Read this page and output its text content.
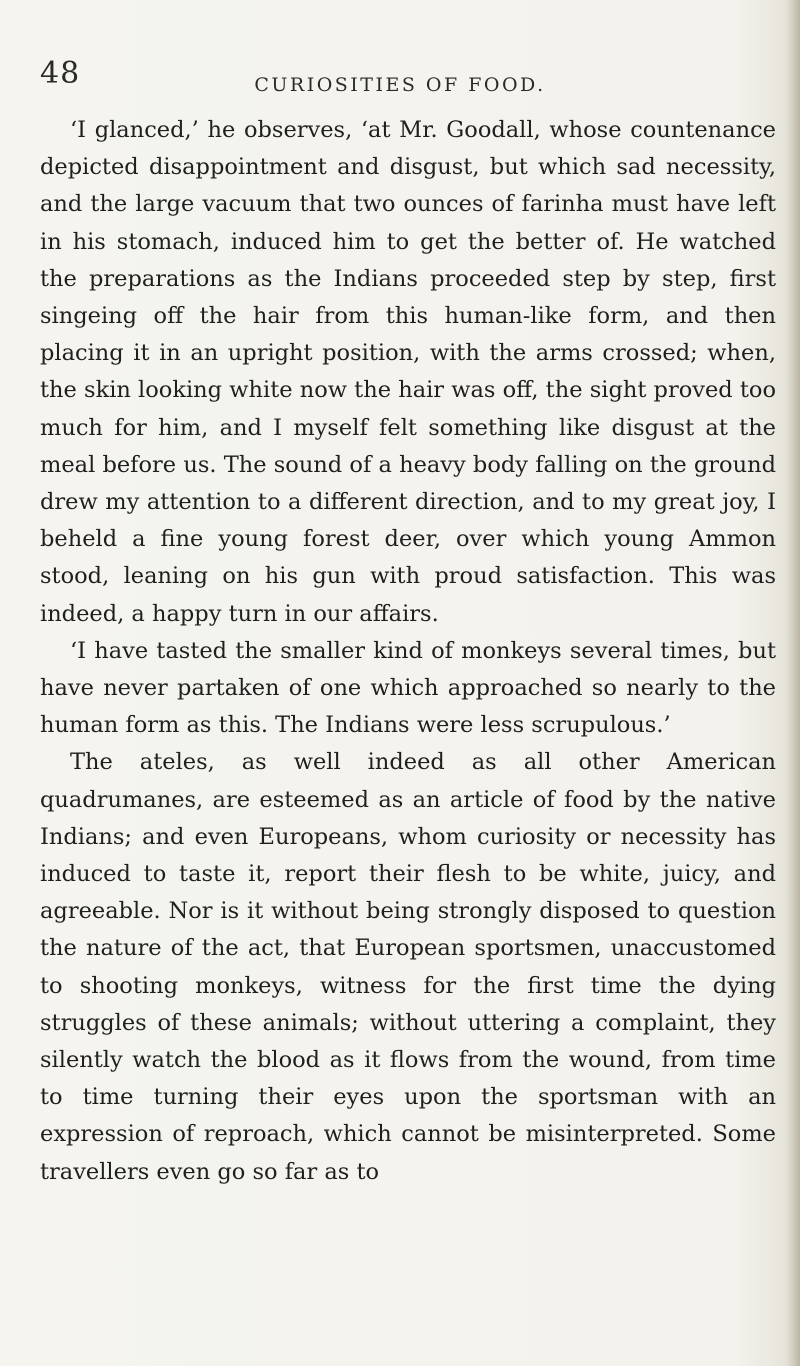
48	CURIOSITIES OF FOOD.

‘I glanced,’ he observes, ‘at Mr. Goodall, whose countenance depicted disappointment and disgust, but which sad necessity, and the large vacuum that two ounces of farinha must have left in his stomach, induced him to get the better of. He watched the preparations as the Indians proceeded step by step, first singeing off the hair from this human-like form, and then placing it in an upright position, with the arms crossed; when, the skin looking white now the hair was off, the sight proved too much for him, and I myself felt something like disgust at the meal before us. The sound of a heavy body falling on the ground drew my attention to a different direction, and to my great joy, I beheld a fine young forest deer, over which young Ammon stood, leaning on his gun with proud satisfaction. This was indeed, a happy turn in our affairs.

‘I have tasted the smaller kind of monkeys several times, but have never partaken of one which approached so nearly to the human form as this. The Indians were less scrupulous.’

The ateles, as well indeed as all other American quadrumanes, are esteemed as an article of food by the native Indians; and even Europeans, whom curiosity or necessity has induced to taste it, report their flesh to be white, juicy, and agreeable. Nor is it without being strongly disposed to question the nature of the act, that European sportsmen, unaccustomed to shooting monkeys, witness for the first time the dying struggles of these animals; without uttering a complaint, they silently watch the blood as it flows from the wound, from time to time turning their eyes upon the sportsman with an expression of reproach, which cannot be misinterpreted. Some travellers even go so far as to
